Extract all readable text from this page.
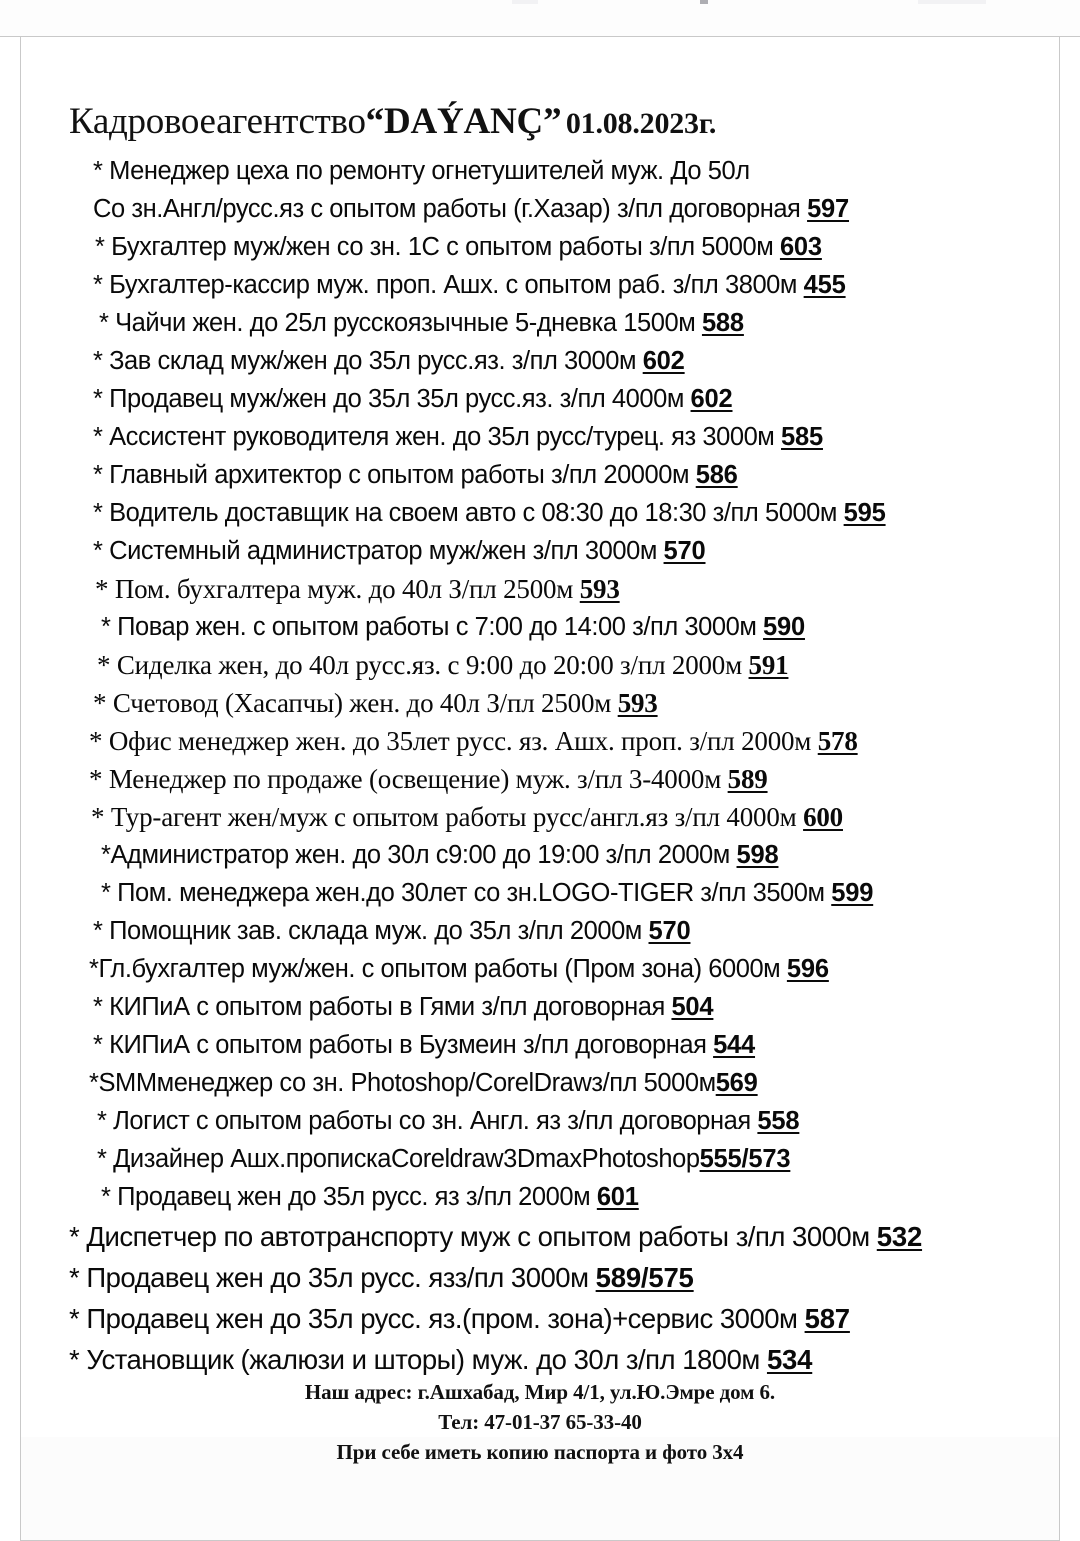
Кадровоеагентство“DAÝANÇ” 01.08.2023г.
* Менеджер цеха по ремонту огнетушителей муж. До 50л
Со зн.Англ/русс.яз с опытом работы (г.Хазар) з/пл договорная 597
* Бухгалтер муж/жен со зн. 1С с опытом работы з/пл 5000м 603
* Бухгалтер-кассир муж. проп. Ашх. с опытом раб. з/пл 3800м 455
* Чайчи жен. до 25л русскоязычные 5-дневка 1500м 588
* Зав склад муж/жен до 35л русс.яз. з/пл 3000м 602
* Продавец муж/жен до 35л 35л русс.яз. з/пл 4000м 602
* Ассистент руководителя жен. до 35л русс/турец. яз 3000м 585
* Главный архитектор с опытом работы з/пл 20000м 586
* Водитель доставщик на своем авто с 08:30 до 18:30 з/пл 5000м 595
* Системный администратор муж/жен з/пл 3000м 570
* Пом. бухгалтера муж. до 40л З/пл 2500м 593
* Повар жен. с опытом работы с 7:00 до 14:00 з/пл 3000м 590
* Сиделка жен, до 40л русс.яз. с 9:00 до 20:00 з/пл 2000м 591
* Счетовод (Хасапчы) жен. до 40л З/пл 2500м 593
* Офис менеджер жен. до 35лет русс. яз. Ашх. проп. з/пл 2000м 578
* Менеджер по продаже (освещение) муж. з/пл 3-4000м 589
* Тур-агент жен/муж с опытом работы русс/англ.яз з/пл 4000м 600
*Администратор жен. до 30л с9:00 до 19:00 з/пл 2000м 598
* Пом. менеджера жен.до 30лет со зн.LOGO-TIGER з/пл 3500м 599
* Помощник зав. склада муж. до 35л з/пл 2000м 570
*Гл.бухгалтер муж/жен. с опытом работы (Пром зона) 6000м 596
* КИПиА с опытом работы в Гями з/пл договорная 504
* КИПиА с опытом работы в Бузмеин з/пл договорная 544
*SMMменеджер со зн. Photoshop/CorelDrawз/пл 5000м569
* Логист с опытом работы со зн. Англ. яз з/пл договорная 558
* Дизайнер Ашх.пропискаCoreldraw3DmaxPhotoshop555/573
* Продавец жен до 35л русс. яз з/пл 2000м 601
* Диспетчер по автотранспорту муж с опытом работы з/пл 3000м 532
* Продавец жен до 35л русс. язз/пл 3000м 589/575
* Продавец жен до 35л русс. яз.(пром. зона)+сервис 3000м 587
* Установщик (жалюзи и шторы) муж. до 30л з/пл 1800м 534
Наш адрес: г.Ашхабад, Мир 4/1, ул.Ю.Эмре дом 6.
Тел: 47-01-37 65-33-40
При себе иметь копию паспорта и фото 3х4
